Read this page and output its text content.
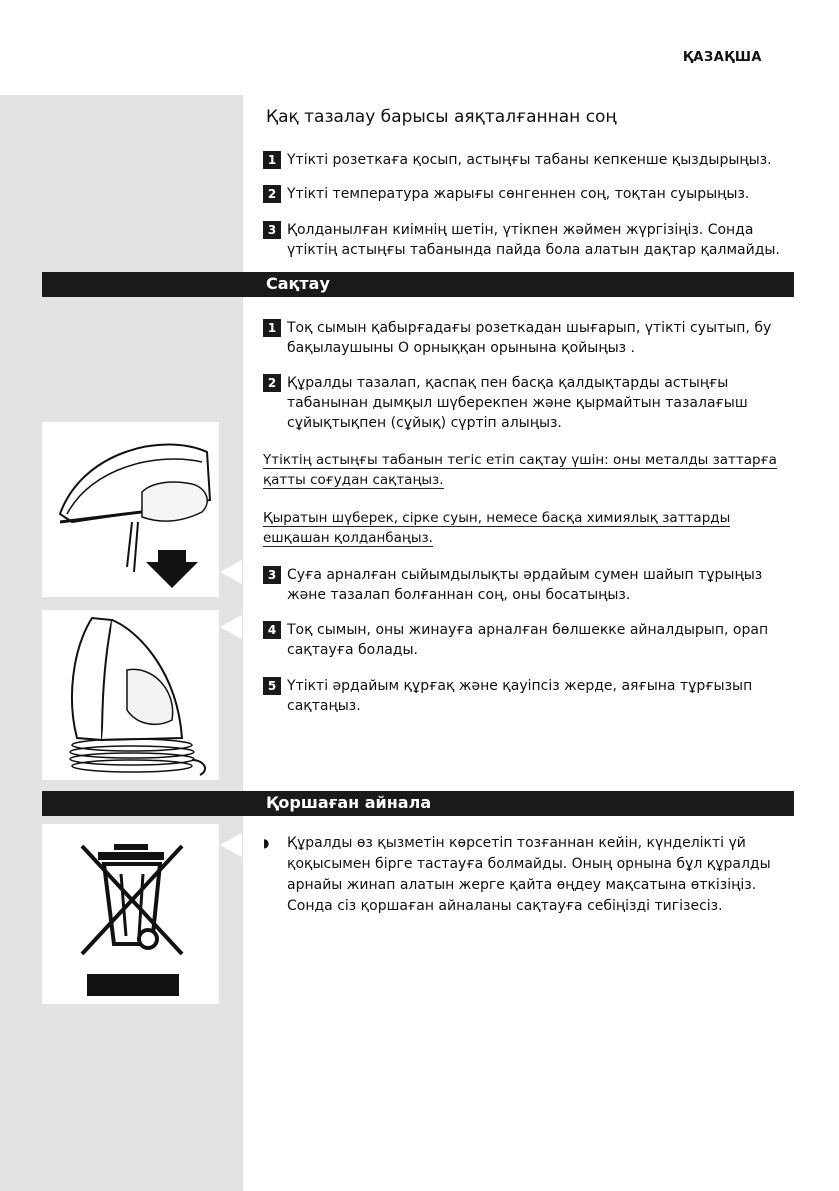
ҚАЗАҚША
Қақ тазалау барысы аяқталғаннан соң
1 Үтікті розеткаға қосып, астыңғы табаны кепкенше қыздырыңыз.
2 Үтікті температура жарығы сөнгеннен соң, тоқтан суырыңыз.
3 Қолданылған киімнің шетін, үтікпен жәймен жүргізіңіз. Сонда үтіктің астыңғы табанында пайда бола алатын дақтар қалмайды.
Сақтау
1 Тоқ сымын қабырғадағы розеткадан шығарып, үтікті суытып, бу бақылаушыны О орныққан орынына қойыңыз .
2 Құралды тазалап, қаспақ пен басқа қалдықтарды астыңғы табанынан дымқыл шүберекпен және қырмайтын тазалағыш сұйықтықпен (сұйық) сүртіп алыңыз.
Үтіктің астыңғы табанын тегіс етіп сақтау үшін: оны металды заттарға қатты соғудан сақтаңыз.
Қыратын шүберек, сірке суын, немесе басқа химиялық заттарды ешқашан қолданбаңыз.
3 Суға арналған сыйымдылықты әрдайым сумен шайып тұрыңыз және тазалап болғаннан соң, оны босатыңыз.
4 Тоқ сымын, оны жинауға арналған бөлшекке айналдырып, орап сақтауға болады.
5 Үтікті әрдайым құрғақ және қауіпсіз жерде, аяғына тұрғызып сақтаңыз.
Қоршаған айнала
◗ Құралды өз қызметін көрсетіп тозғаннан кейін, күнделікті үй қоқысымен бірге тастауға болмайды. Оның орнына бұл құралды арнайы жинап алатын жерге қайта өңдеу мақсатына өткізіңіз. Сонда сіз қоршаған айналаны сақтауға себіңізді тигізесіз.
